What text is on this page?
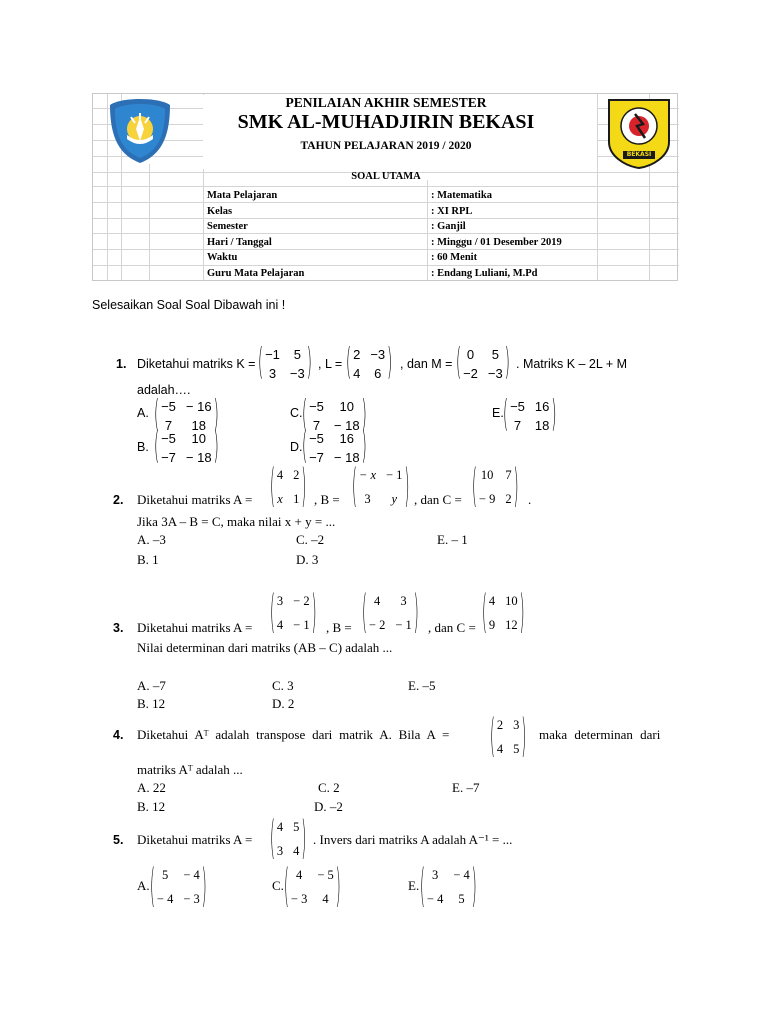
PENILAIAN AKHIR SEMESTER
SMK AL-MUHADJIRIN BEKASI
TAHUN PELAJARAN 2019 / 2020
SOAL UTAMA
BEKASI
Mata Pelajaran	: Matematika
Kelas	: XI RPL
Semester	: Ganjil
Hari / Tanggal	: Minggu / 01 Desember 2019
Waktu	: 60 Menit
Guru Mata Pelajaran	: Endang Luliani, M.Pd
Selesaikan Soal Soal Dibawah ini !
1. Diketahui matriks K = ( −1 5
3 −3 ) , L = ( 2 −3
4 6 ) , dan M = ( 0 5
−2 −3 ) . Matriks K – 2L + M
adalah….
A. ( −5 − 16
7	18 )	C. ( −5	10
7 − 18 )	E. ( −5 16
7 18 )
B. ( −5	10
−7 − 18 )	D. ( −5	16
−7 − 18 )
2. Diketahui matriks A = ( 4 2
x 1 ) , B = ( − x − 1
3	y ) , dan C = ( 10 7
− 9 2 ) .
Jika 3A – B = C, maka nilai x + y = ...
A. –3	C. –2	E. – 1
B. 1	D. 3
3. Diketahui matriks A = ( 3 − 2
4 − 1 ) , B = ( 4	3
− 2 − 1 ) , dan C = ( 4 10
9 12 )
Nilai determinan dari matriks (AB – C) adalah ...
A. –7	C. 3	E. –5
B. 12	D. 2
4. Diketahui Aᵀ adalah transpose dari matrik A. Bila A =	( 2 3
4 5 ) maka determinan dari
matriks Aᵀ adalah ...
A. 22	C. 2	E. –7
B. 12	D. –2
5. Diketahui matriks A = ( 4 5
3 4 ) . Invers dari matriks A adalah A⁻¹ = ...
A. ( 5	− 4
− 4 − 3 )	C. ( 4	− 5
− 3	4 )	E. ( 3	− 4
− 4	5 )
